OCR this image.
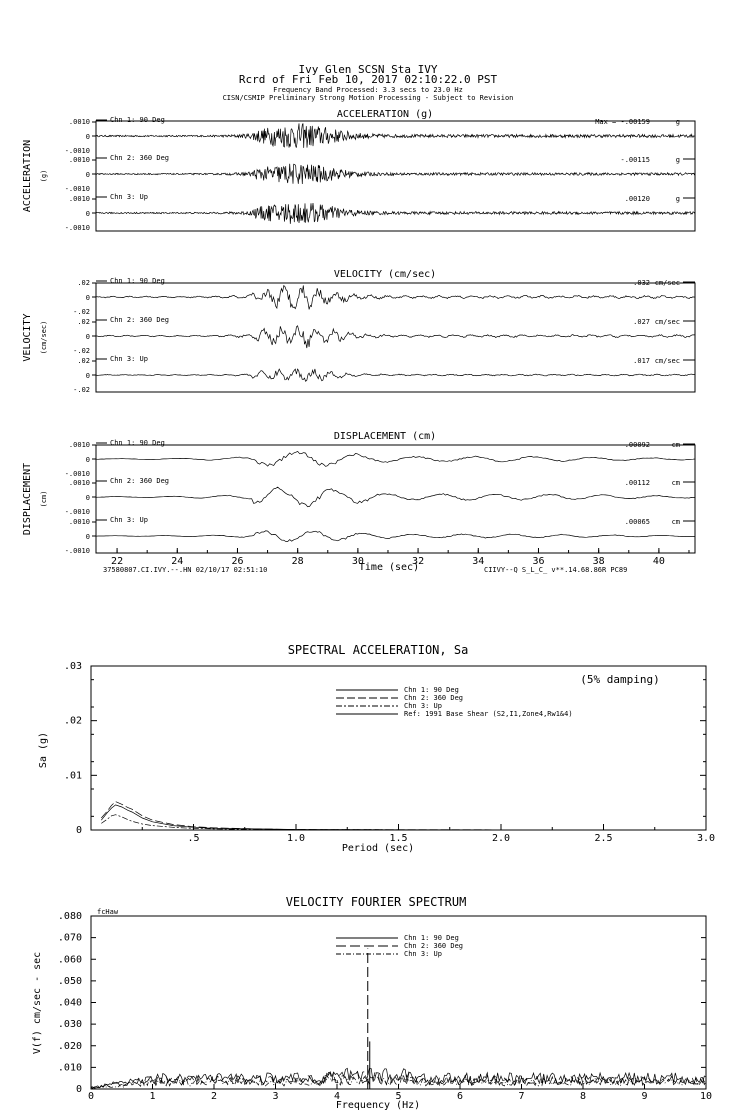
Ivy Glen SCSN Sta IVY
Rcrd of Fri Feb 10, 2017 02:10:22.0 PST
Frequency Band Processed: 3.3 secs to 23.0 Hz
CISN/CSMIP Preliminary Strong Motion Processing - Subject to Revision
ACCELERATION (g)
ACCELERATION (g)
.0010
0
-.0010
Chn 1: 90 Deg	Max = -.00159	g
.0010
0
-.0010
Chn 2: 360 Deg	-.00115	g
.0010
0
-.0010
Chn 3: Up	.00120	g
VELOCITY (cm/sec)
VELOCITY (cm/sec)
.02
0
-.02
Chn 1: 90 Deg	.032 cm/sec
.02
0
-.02
Chn 2: 360 Deg	.027 cm/sec
.02
0
-.02
Chn 3: Up	.017 cm/sec
DISPLACEMENT (cm)
DISPLACEMENT (cm)
.0010
0
-.0010
Chn 1: 90 Deg	.00092	cm
.0010
0
-.0010
Chn 2: 360 Deg	.00112	cm
.0010
0
-.0010
Chn 3: Up	.00065	cm
22	24	26	28	30	32	34	36	38	40
Time (sec)
37580807.CI.IVY.--.HN 02/10/17 02:51:10	CIIVY--Q S_L_C_ v**.14.68.86R PC89
SPECTRAL ACCELERATION, Sa
0
.01
.02
.03
.5	1.0	1.5	2.0	2.5	3.0
Period (sec)
Sa (g)
(5% damping)
Chn 1: 90 Deg
Chn 2: 360 Deg
Chn 3: Up
Ref: 1991 Base Shear (S2,I1,Zone4,Rw1&4)
VELOCITY FOURIER SPECTRUM
fcHaw
0
.010
.020
.030
.040
.050
.060
.070
.080
0	1	2	3	4	5	6	7	8	9	10
Frequency (Hz)
V(f) cm/sec - sec
Chn 1: 90 Deg
Chn 2: 360 Deg
Chn 3: Up
